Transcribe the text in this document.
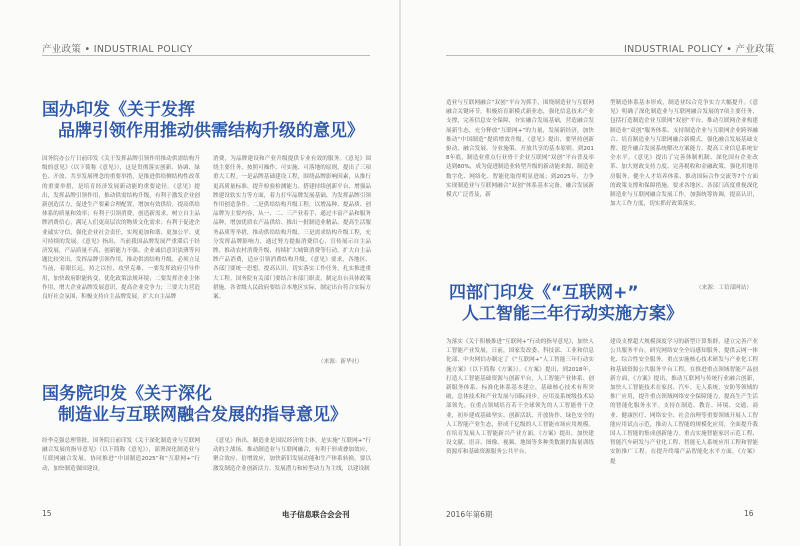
产业政策 • INDUSTRIAL POLICY
国办印发《关于发挥
品牌引领作用推动供需结构升级的意见》
国务院办公厅日前印发《关于发挥品牌引领作用推动供需结构升级的意见》（以下简称《意见》），这是贯彻落实创新、协调、绿色、开放、共享发展理念的重要举措，是推进供给侧结构性改革的重要举措，是培育经济发展新动能的重要途径。《意见》提出，发挥品牌引领作用，推动供需结构升级，有利于激发企业创新创造活力，促进生产要素合理配置，增加有效供给，提高供给体系的质量和效率；有利于引领消费，创造新需求，树立自主品牌消费信心，满足人们更高层次的物质文化需求；有利于促进企业诚实守信，强化企业社会责任，实现更加和谐、更加公平、更可持续的发展。《意见》指出，当前我国品牌发展严重滞后于经济发展，产品质量不高、创新能力不强、企业诚信意识淡薄等问题比较突出。发挥品牌引领作用，推动供需结构升级，必须立足当前，着眼长远，持之以恒，攻坚克难，一要发挥政府引导作用，加快政府职能转变，优化政策法规环境；二要发挥企业主体作用，增大企业品牌发展意识，提高企业竞争力；三要大力营造良好社会氛围，积极支持自主品牌发展，扩大自主品牌
消费，为品牌建设和产业升级提供专业有效的服务。《意见》围绕主要任务，按照可操作、可实施、可落地的原则，提出了三项重大工程。一是品牌基础建设工程，围绕品牌影响因素，从推行更高质量标准、提升检验检测能力、搭建持续创新平台、增强品牌建设软实力等方面，着力打牢品牌发展基础，为发挥品牌引领作用创造条件。二是供给结构升级工程，以增品种、提品质、创品牌为主要内容，从一、二、三产业着手，通过丰富产品和服务品种，增加优质农产品供给、推出一批制造业精品、提高生活服务品质等举措，推动供给结构升级。三是需求结构升级工程，充分发挥品牌影响力，通过努力提振消费信心、宣传展示自主品牌、推动农村消费升级、持续扩大城镇消费等行动，扩大自主品牌产品消费，适应引领消费结构升级。《意见》要求，各地区、各部门要统一思想，提高认识，切实落实工作任务，扎实推进重大工程。国务院有关部门要结合本部门职责，制定出台具体政策措施。各省级人民政府要结合本地区实际，制定出台符合实际方案。
（来源：新华社）
国务院印发《关于深化
制造业与互联网融合发展的指导意见》
经李克强总理签批，国务院日前印发《关于深化制造业与互联网融合发展的指导意见》（以下简称《意见》），部署深化制造业与互联网融合发展，协同推进“中国制造2025”和“互联网+”行动，加快制造强国建设。
《意见》指出，制造业是国民经济的主体，是实施“互联网+”行动的主战场。推动制造业与互联网融合，有利于形成叠加效应、聚合效应、倍增效应，加快新旧发展动能和生产体系转换，要以激发制造企业创新活力、发展潜力和转型动力为主线，以建设制
15	电子信息联合会会刊
INDUSTRIAL POLICY • 产业政策
造业与互联网融合“双创”平台为抓手，围绕制造业与互联网融合关键环节，积极培育新模式新业态，强化信息技术产业支撑，完善信息安全保障，夯实融合发展基础，营造融合发展新生态，充分释放“互联网+”的力量，发展新经济，加快推动“中国制造”提质增效升级。《意见》提出，要坚持创新驱动、融合发展、分业施策、开放共享的基本原则。到2018年底，制造业重点行业骨干企业互联网“双创”平台普及率达到80%，成为促进制造业转型升级的新动能来源，制造业数字化、网络化、智能化取得明显进展；到2025年，力争实现制造业与互联网融合“双创”体系基本完备，融合发展新模式广泛普及，新
型制造体系基本形成，制造业综合竞争实力大幅提升。《意见》明确了深化制造业与互联网融合发展的7项主要任务，包括打造制造企业互联网“双创”平台、推动互联网企业构建制造业“双创”服务体系、支持制造企业与互联网企业跨界融合、培育制造业与互联网融合新模式、强化融合发展基础支撑、提升融合发展系统解决方案能力、提高工业信息系统安全水平。《意见》提出了完善体制机制、深化国有企业改革、加大财政支持力度、完善税收和金融政策、强化用地用房服务、健全人才培养体系、推动国际合作交流等7个方面的政策支撑和保障措施。要求各地区、各部门高度重视深化制造业与互联网融合发展工作，加强统筹协调，提高认识，加大工作力度，切实抓好政策落实。
（来源：工信部网站）
四部门印发《“互联网+”
人工智能三年行动实施方案》
为落实《关于积极推进“互联网+”行动的指导意见》，加快人工智能产业发展，日前，国家发改委、科技部、工业和信息化部、中央网信办制定了《“互联网+”人工智能三年行动实施方案》（以下简称《方案》）。《方案》提出，到2018年，打造人工智能基础资源与创新平台，人工智能产业体系、创新服务体系、标准化体系基本建立，基础核心技术有所突破，总体技术和产业发展与国际同步，应用及系统级技术局部领先。在重点领域培育若干全球领先的人工智能骨干企业，初步建成基础坚实、创新活跃、开放协作、绿色安全的人工智能产业生态，形成千亿级的人工智能市场应用规模。在培育发展人工智能新兴产业方面，《方案》提出，加快建设文献、语音、图像、视频、地图等多种类数据的海量训练资源库和基础资源服务公共平台，
建设支撑超大规模深度学习的新型计算集群，建立完善产业公共服务平台，研究网络安全全局感知服务，提供云网一体化、综合性安全服务。重点实施核心技术研发与产业化工程和基础资源公共服务平台工程。在推进重点领域智能产品创新方面，《方案》提出，推动互联网与传统行业融合创新，加快人工智能技术在家居、汽车、无人系统、安防等领域的推广应用，提升重点领域网络安全保障能力，提高生产生活的智能化服务水平。支持在制造、教育、环境、交通、商业、健康医疗、网络安全、社会治理等重要领域开展人工智能应用试点示范，推动人工智能的规模化应用，全面提升我国人工智能的集成创新能力。重点实施智能家居示范工程、智能汽车研发与产业化工程、智能无人系统应用工程和智能安防推广工程。在提升终端产品智能化水平方面，《方案》提
2016年第6期	16
